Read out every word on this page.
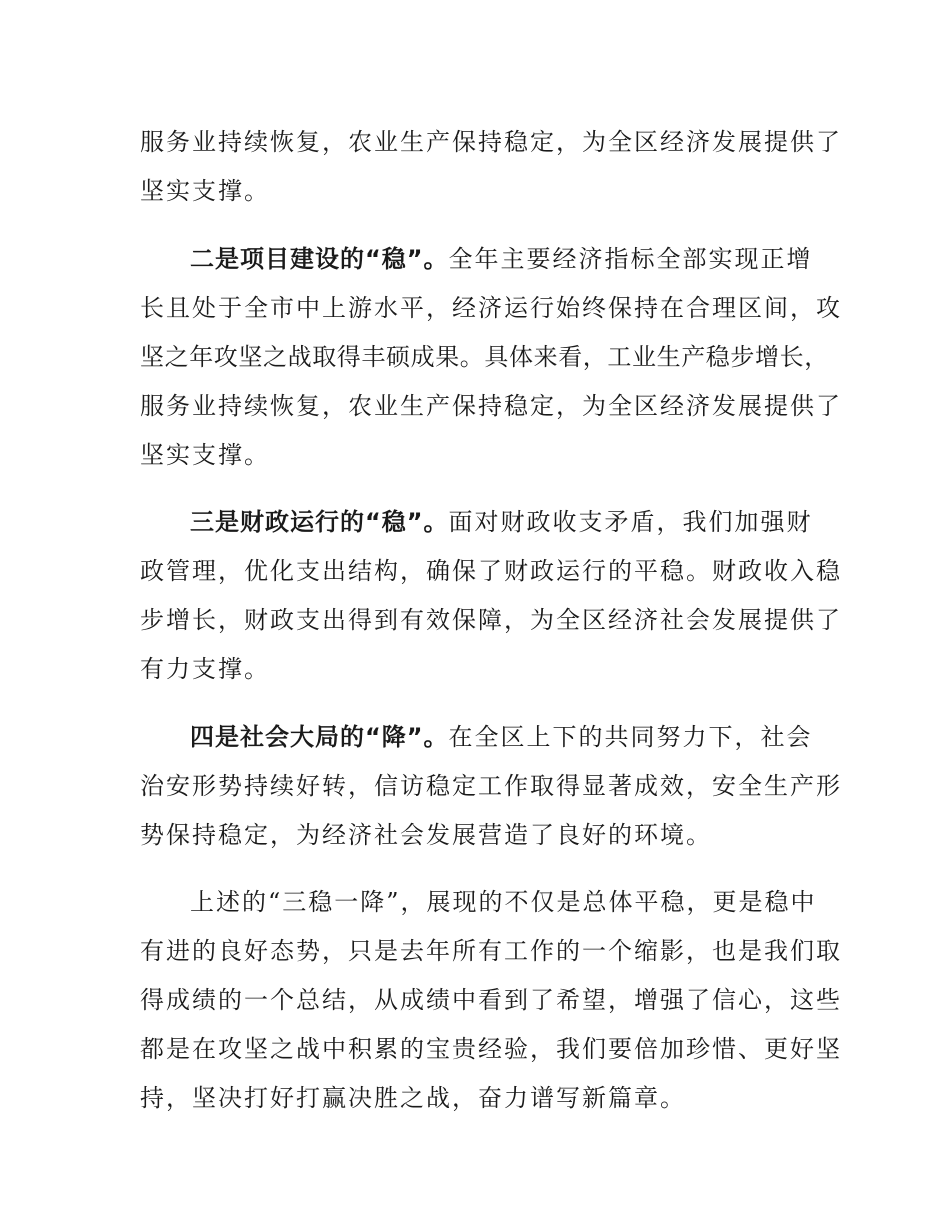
服务业持续恢复，农业生产保持稳定，为全区经济发展提供了
坚实支撑。
二是项目建设的“稳”。全年主要经济指标全部实现正增
长且处于全市中上游水平，经济运行始终保持在合理区间，攻
坚之年攻坚之战取得丰硕成果。具体来看，工业生产稳步增长，
服务业持续恢复，农业生产保持稳定，为全区经济发展提供了
坚实支撑。
三是财政运行的“稳”。面对财政收支矛盾，我们加强财
政管理，优化支出结构，确保了财政运行的平稳。财政收入稳
步增长，财政支出得到有效保障，为全区经济社会发展提供了
有力支撑。
四是社会大局的“降”。在全区上下的共同努力下，社会
治安形势持续好转，信访稳定工作取得显著成效，安全生产形
势保持稳定，为经济社会发展营造了良好的环境。
上述的“三稳一降”，展现的不仅是总体平稳，更是稳中
有进的良好态势，只是去年所有工作的一个缩影，也是我们取
得成绩的一个总结，从成绩中看到了希望，增强了信心，这些
都是在攻坚之战中积累的宝贵经验，我们要倍加珍惜、更好坚
持，坚决打好打赢决胜之战，奋力谱写新篇章。
